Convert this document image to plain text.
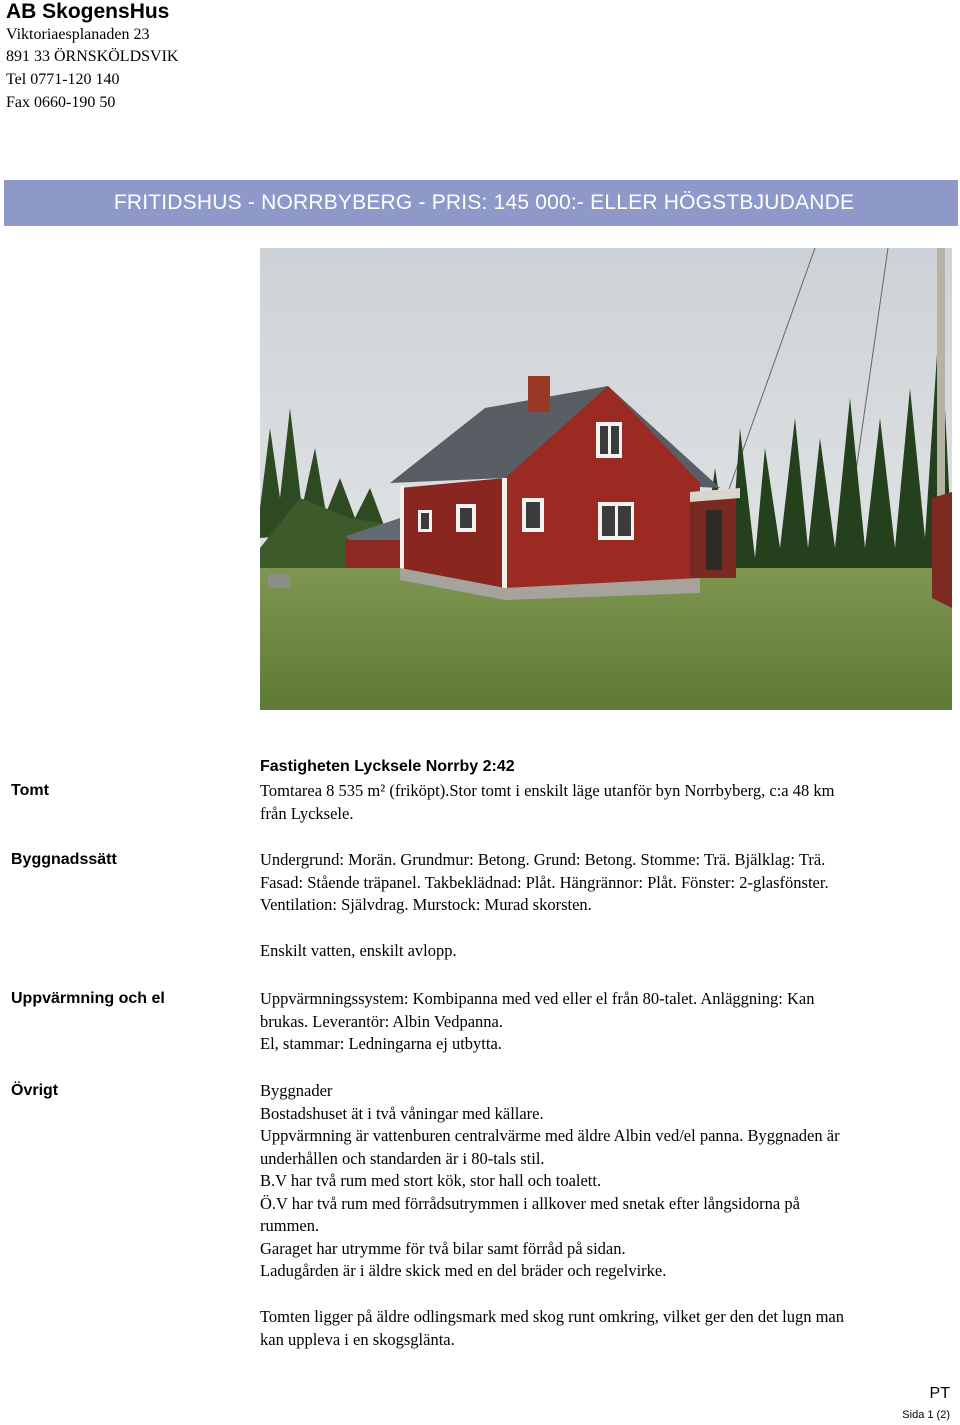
AB SkogensHus
Viktoriaesplanaden 23
891 33 ÖRNSKÖLDSVIK
Tel 0771-120 140
Fax 0660-190 50
FRITIDSHUS - NORRBYBERG - PRIS: 145 000:- ELLER HÖGSTBJUDANDE
Fastigheten Lycksele Norrby 2:42
Tomt	Tomtarea 8 535 m² (friköpt).Stor tomt i enskilt läge utanför byn Norrbyberg, c:a 48 km
från Lycksele.
Byggnadssätt	Undergrund: Morän. Grundmur: Betong. Grund: Betong. Stomme: Trä. Bjälklag: Trä.
Fasad: Stående träpanel. Takbeklädnad: Plåt. Hängrännor: Plåt. Fönster: 2-glasfönster.
Ventilation: Självdrag. Murstock: Murad skorsten.
Enskilt vatten, enskilt avlopp.
Uppvärmning och el	Uppvärmningssystem: Kombipanna med ved eller el från 80-talet. Anläggning: Kan
brukas. Leverantör: Albin Vedpanna.
El, stammar: Ledningarna ej utbytta.
Övrigt	Byggnader
Bostadshuset ät i två våningar med källare.
Uppvärmning är vattenburen centralvärme med äldre Albin ved/el panna. Byggnaden är
underhållen och standarden är i 80-tals stil.
B.V har två rum med stort kök, stor hall och toalett.
Ö.V har två rum med förrådsutrymmen i allkover med snetak efter långsidorna på
rummen.
Garaget har utrymme för två bilar samt förråd på sidan.
Ladugården är i äldre skick med en del bräder och regelvirke.
Tomten ligger på äldre odlingsmark med skog runt omkring, vilket ger den det lugn man
kan uppleva i en skogsglänta.
PT
Sida 1 (2)
